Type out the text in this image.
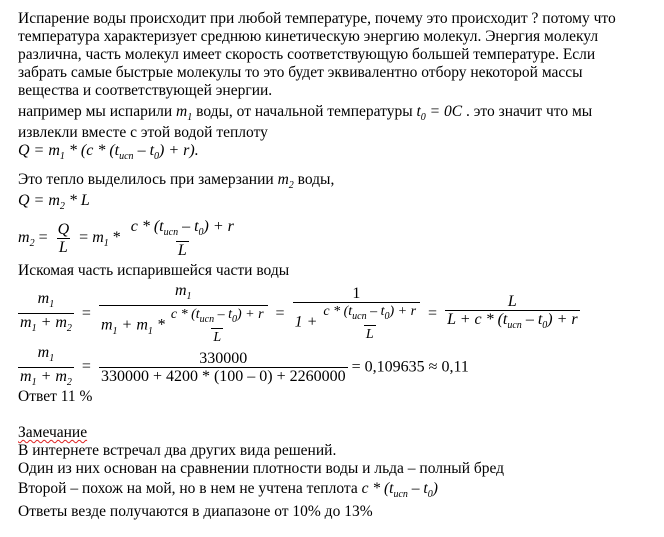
Испарение воды происходит при любой температуре, почему это происходит ? потому что
температура характеризует среднюю кинетическую энергию молекул. Энергия молекул
различна, часть молекул имеет скорость соответствующую большей температуре. Если
забрать самые быстрые молекулы то это будет эквивалентно отбору некоторой массы
вещества и соответствующей энергии.
например мы испарили $m_1$ воды, от начальной температуры $t_0 = 0C$ . это значит что мы
извлекли вместе с этой водой теплоту
$Q = m_1 * (c * (t_{исп} - t_0) + r)$.
Это тепло выделилось при замерзании $m_2$ воды,
$Q = m_2 * L$
$m_2 = \frac{Q}{L} = m_1$ *
$c * (t_{исп} - t_0) + r$
L
Искомая часть испарившейся части воды
$\frac{m_1}{m_1 + m_2}$ =
$m_1$
$m_1 + m_1$ *
$c * (t_{исп} - t_0) + r$
L
=
1
1 +
$c * (t_{исп} - t_0) + r$
L
=
L
$L + c * (t_{исп} - t_0) + r$
$\frac{m_1}{m_1 + m_2} = \frac{330000}{330000 + 4200 * (100 - 0) + 2260000} = 0,109635 \approx 0,11$
Ответ 11 %
Замечание
В интернете встречал два других вида решений.
Один из них основан на сравнении плотности воды и льда – полный бред
Второй – похож на мой, но в нем не учтена теплота c * $(t_{исп} - t_0)$
Ответы везде получаются в диапазоне от 10% до 13%
